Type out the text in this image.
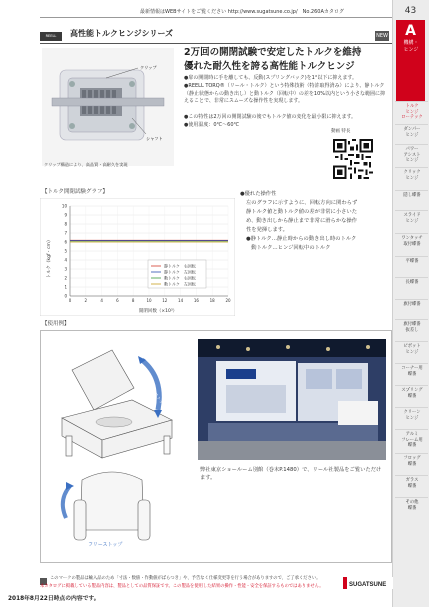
最新情報はWEBサイトをご覧ください http://www.sugatsune.co.jp/　No.260Aカタログ	43
A
機構・ヒンジ
トルク
ヒンジ
ローテック
ダンパー
ヒンジ
パワー
アシスト
ヒンジ
クリック
ヒンジ
隠し蝶番
スライド
ヒンジ
ワンタッチ
取付蝶番
平蝶番
長蝶番
旗付蝶番
旗付蝶番
抜差し
ピボット
ヒンジ
コーナー用
蝶番
スプリング
蝶番
クリーン
ヒンジ
アルミ
フレーム用
蝶番
フロッグ
蝶番
ガラス
蝶番
その他
蝶番
REELL	高性能トルクヒンジシリーズ	NEW
クリップ
シャフト
クリップ構造により、高品質・高耐久を実現
2万回の開閉試験で安定したトルクを維持
優れた耐久性を誇る高性能トルクヒンジ
●扉の開閉時に手を離しても、反動(スプリングバック)を1°以下に抑えます。
●REELL TORQ®（リール・トルク）という特殊技術（特許取得済み）により、静トルク（静止状態からの動き出し）と動トルク（回転中）の差を10%以内という小さな範囲に抑えることで、非常にスムーズな操作性を実現します。
●この特性は2万回の開閉試験の後でもトルク値の変化を最小限に抑えます。
●使用温度：0℃～60℃
動画 特長
【トルク開閉試験グラフ】
0
1
2
3
4
5
6
7
8
9
10
0	2	4	6	8	10	12	14	16	18	20
静トルク　右回転
静トルク　左回転
動トルク　右回転
動トルク　左回転
トルク（kgf・cm）
開閉回数（×10³）
●優れた操作性
左のグラフに示すように、回転方向に関わらず
静トルク値と動トルク値の差が非常に小さいた
め、動き出しから静止まで非常に滑らかな操作
性を発揮します。
●静トルク…静止時からの動き出し時のトルク
　動トルク…ヒンジ回転中のトルク
【使用例】
フリーストップ
フリーストップ
弊社東京ショールーム別館（巻末P.1480）で、リール社製品をご覧いただけます。
このマークの製品は輸入品のため「寸法・数値・作動値がばらつき」や、予告なく仕様変更等を行う場合がありますので、ご了承ください。
本カタログに掲載している製品内容は、製品としての品質保証です。この製品を使用した結果の操作・性能・安全を保証するものではありません。	SUGATSUNE
2018年8月22日時点の内容です。
